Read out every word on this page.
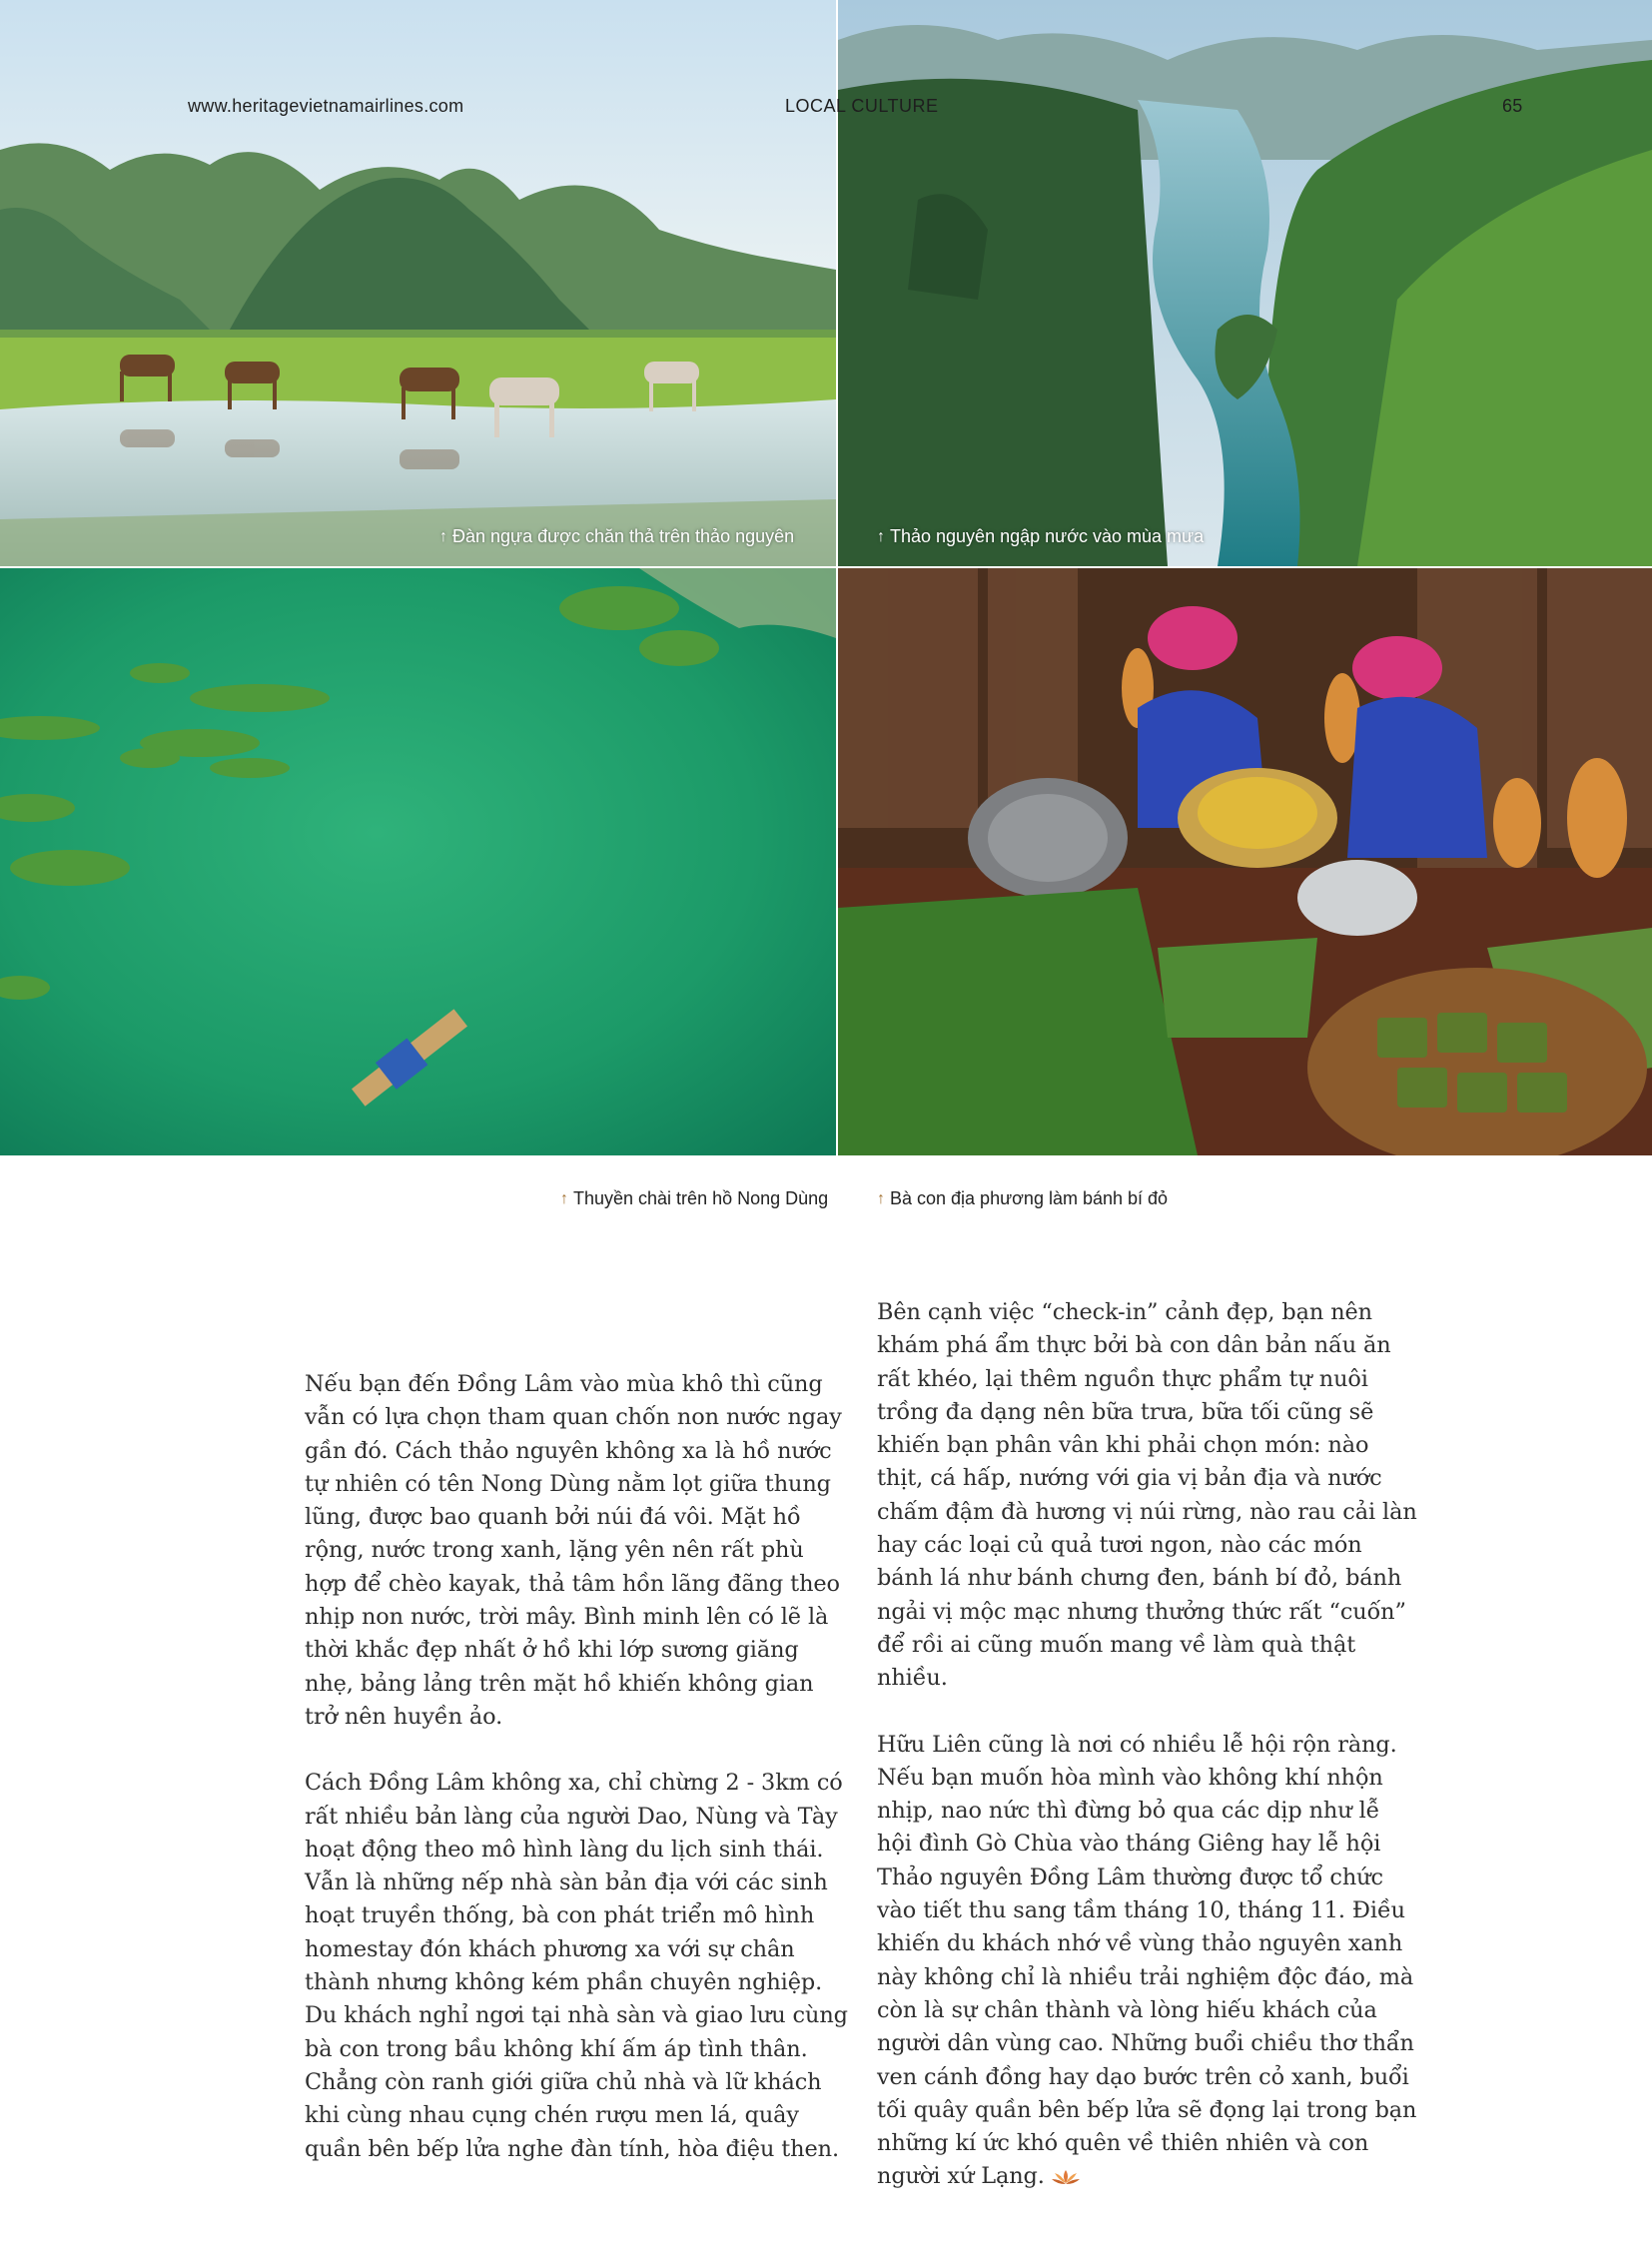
www.heritagevietnamairlines.com	LOCAL CULTURE	65
↑ Đàn ngựa được chăn thả trên thảo nguyên	↑ Thảo nguyên ngập nước vào mùa mưa
↑ Thuyền chài trên hồ Nong Dùng	↑ Bà con địa phương làm bánh bí đỏ

Nếu bạn đến Đồng Lâm vào mùa khô thì cũng vẫn có lựa chọn tham quan chốn non nước ngay gần đó. Cách thảo nguyên không xa là hồ nước tự nhiên có tên Nong Dùng nằm lọt giữa thung lũng, được bao quanh bởi núi đá vôi. Mặt hồ rộng, nước trong xanh, lặng yên nên rất phù hợp để chèo kayak, thả tâm hồn lãng đãng theo nhịp non nước, trời mây. Bình minh lên có lẽ là thời khắc đẹp nhất ở hồ khi lớp sương giăng nhẹ, bảng lảng trên mặt hồ khiến không gian trở nên huyền ảo.

Cách Đồng Lâm không xa, chỉ chừng 2 - 3km có rất nhiều bản làng của người Dao, Nùng và Tày hoạt động theo mô hình làng du lịch sinh thái. Vẫn là những nếp nhà sàn bản địa với các sinh hoạt truyền thống, bà con phát triển mô hình homestay đón khách phương xa với sự chân thành nhưng không kém phần chuyên nghiệp. Du khách nghỉ ngơi tại nhà sàn và giao lưu cùng bà con trong bầu không khí ấm áp tình thân. Chẳng còn ranh giới giữa chủ nhà và lữ khách khi cùng nhau cụng chén rượu men lá, quây quần bên bếp lửa nghe đàn tính, hòa điệu then.

Bên cạnh việc “check-in” cảnh đẹp, bạn nên khám phá ẩm thực bởi bà con dân bản nấu ăn rất khéo, lại thêm nguồn thực phẩm tự nuôi trồng đa dạng nên bữa trưa, bữa tối cũng sẽ khiến bạn phân vân khi phải chọn món: nào thịt, cá hấp, nướng với gia vị bản địa và nước chấm đậm đà hương vị núi rừng, nào rau cải làn hay các loại củ quả tươi ngon, nào các món bánh lá như bánh chưng đen, bánh bí đỏ, bánh ngải vị mộc mạc nhưng thưởng thức rất “cuốn” để rồi ai cũng muốn mang về làm quà thật nhiều.

Hữu Liên cũng là nơi có nhiều lễ hội rộn ràng. Nếu bạn muốn hòa mình vào không khí nhộn nhịp, nao nức thì đừng bỏ qua các dịp như lễ hội đình Gò Chùa vào tháng Giêng hay lễ hội Thảo nguyên Đồng Lâm thường được tổ chức vào tiết thu sang tầm tháng 10, tháng 11. Điều khiến du khách nhớ về vùng thảo nguyên xanh này không chỉ là nhiều trải nghiệm độc đáo, mà còn là sự chân thành và lòng hiếu khách của người dân vùng cao. Những buổi chiều thơ thẩn ven cánh đồng hay dạo bước trên cỏ xanh, buổi tối quây quần bên bếp lửa sẽ đọng lại trong bạn những kí ức khó quên về thiên nhiên và con người xứ Lạng.
